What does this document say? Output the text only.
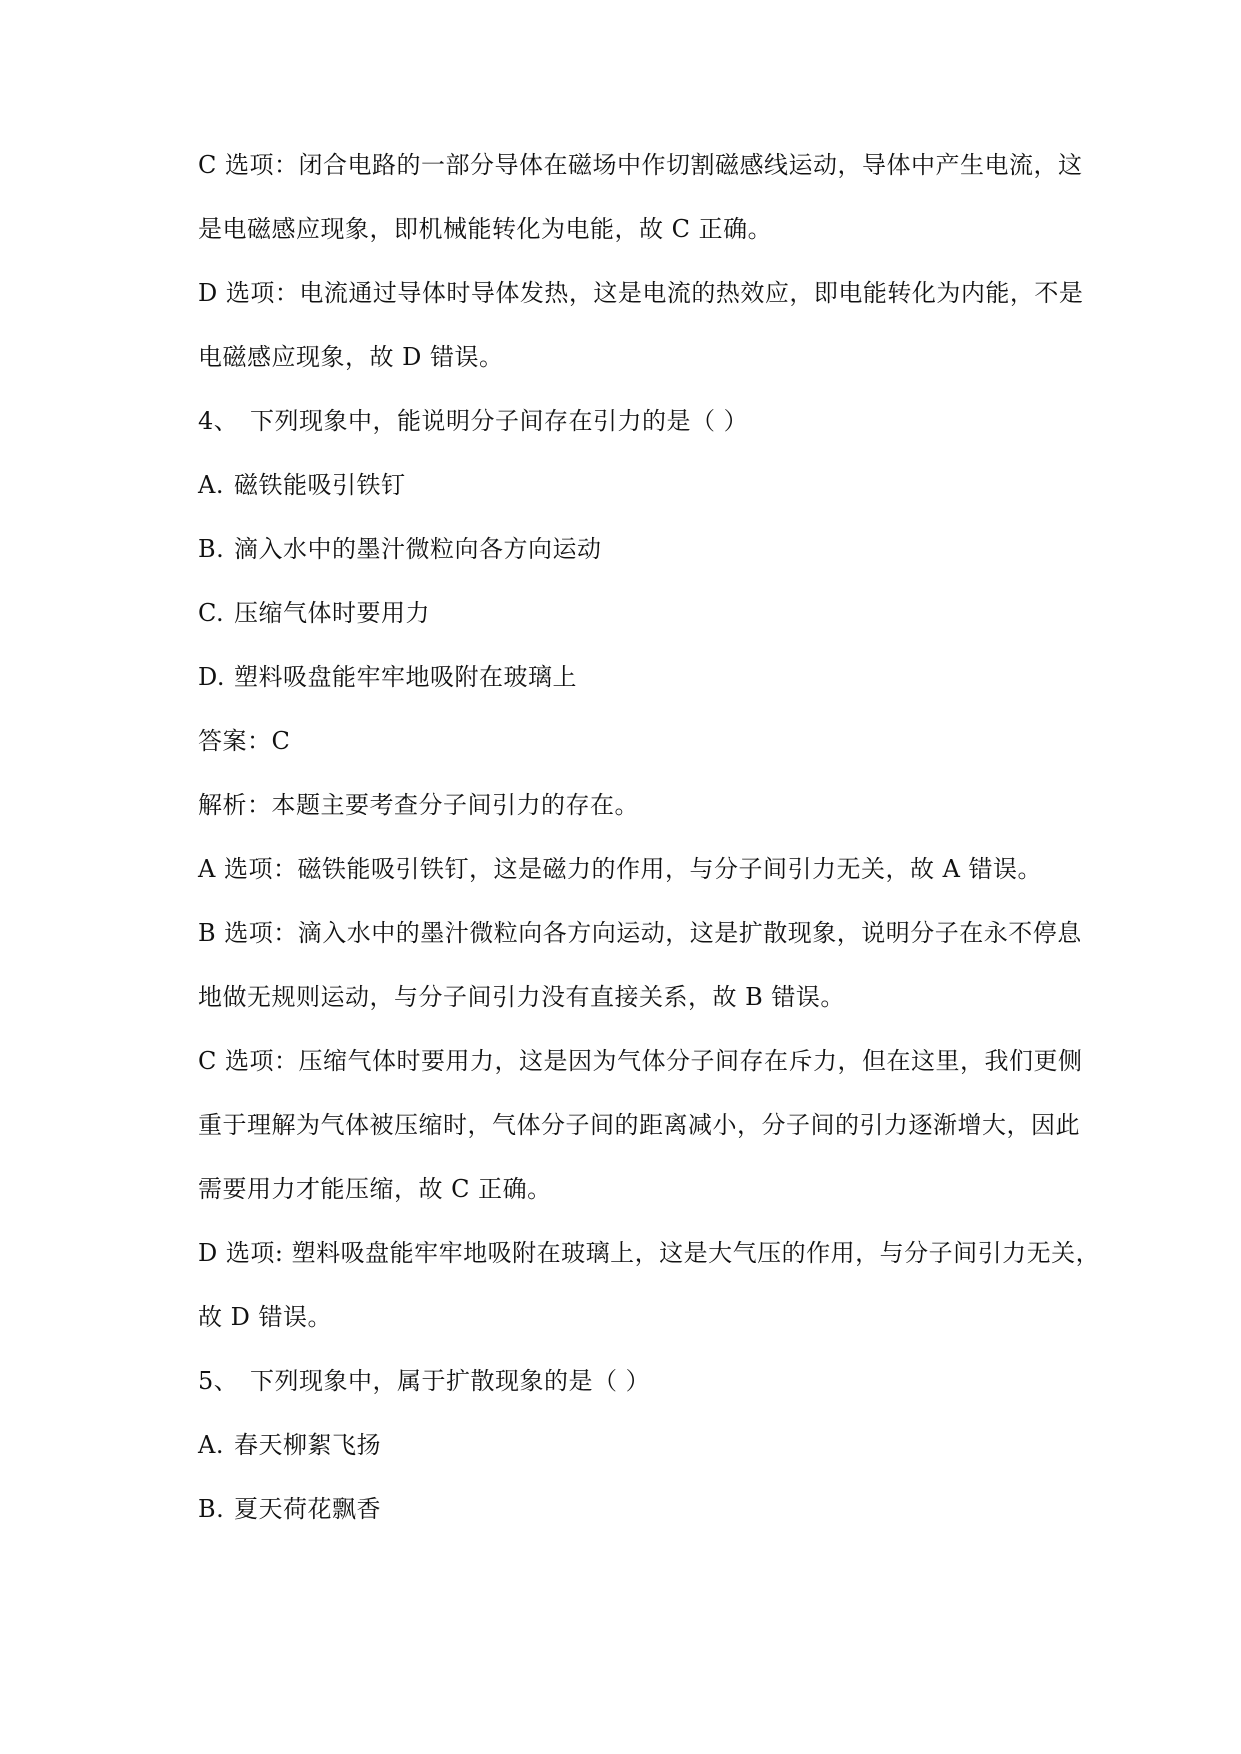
C 选项：闭合电路的一部分导体在磁场中作切割磁感线运动，导体中产生电流，这
是电磁感应现象，即机械能转化为电能，故 C 正确。
D 选项：电流通过导体时导体发热，这是电流的热效应，即电能转化为内能，不是
电磁感应现象，故 D 错误。
4、 下列现象中，能说明分子间存在引力的是（ ）
A. 磁铁能吸引铁钉
B. 滴入水中的墨汁微粒向各方向运动
C. 压缩气体时要用力
D. 塑料吸盘能牢牢地吸附在玻璃上
答案：C
解析：本题主要考查分子间引力的存在。
A 选项：磁铁能吸引铁钉，这是磁力的作用，与分子间引力无关，故 A 错误。
B 选项：滴入水中的墨汁微粒向各方向运动，这是扩散现象，说明分子在永不停息
地做无规则运动，与分子间引力没有直接关系，故 B 错误。
C 选项：压缩气体时要用力，这是因为气体分子间存在斥力，但在这里，我们更侧
重于理解为气体被压缩时，气体分子间的距离减小，分子间的引力逐渐增大，因此
需要用力才能压缩，故 C 正确。
D 选项: 塑料吸盘能牢牢地吸附在玻璃上，这是大气压的作用，与分子间引力无关，
故 D 错误。
5、 下列现象中，属于扩散现象的是（ ）
A. 春天柳絮飞扬
B. 夏天荷花飘香
